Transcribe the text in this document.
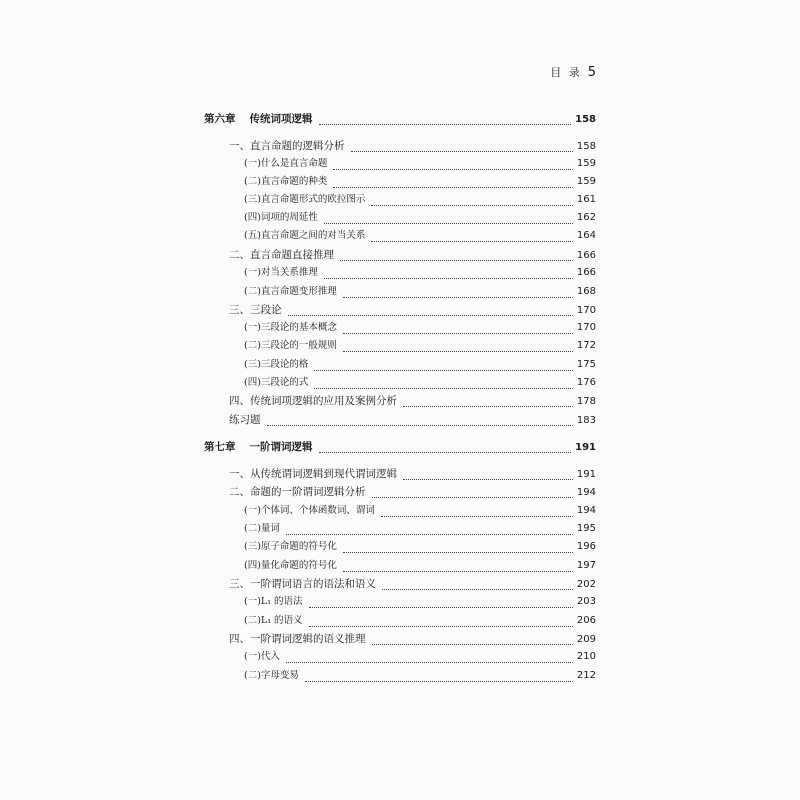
目 录 5
第六章 传统词项逻辑	158
一、直言命题的逻辑分析	158
(一)什么是直言命题	159
(二)直言命题的种类	159
(三)直言命题形式的欧拉图示	161
(四)词项的周延性	162
(五)直言命题之间的对当关系	164
二、直言命题直接推理	166
(一)对当关系推理	166
(二)直言命题变形推理	168
三、三段论	170
(一)三段论的基本概念	170
(二)三段论的一般规则	172
(三)三段论的格	175
(四)三段论的式	176
四、传统词项逻辑的应用及案例分析	178
练习题	183
第七章 一阶谓词逻辑	191
一、从传统谓词逻辑到现代谓词逻辑	191
二、命题的一阶谓词逻辑分析	194
(一)个体词、个体函数词、谓词	194
(二)量词	195
(三)原子命题的符号化	196
(四)量化命题的符号化	197
三、一阶谓词语言的语法和语义	202
(一)L₁ 的语法	203
(二)L₁ 的语义	206
四、一阶谓词逻辑的语义推理	209
(一)代入	210
(二)字母变易	212
